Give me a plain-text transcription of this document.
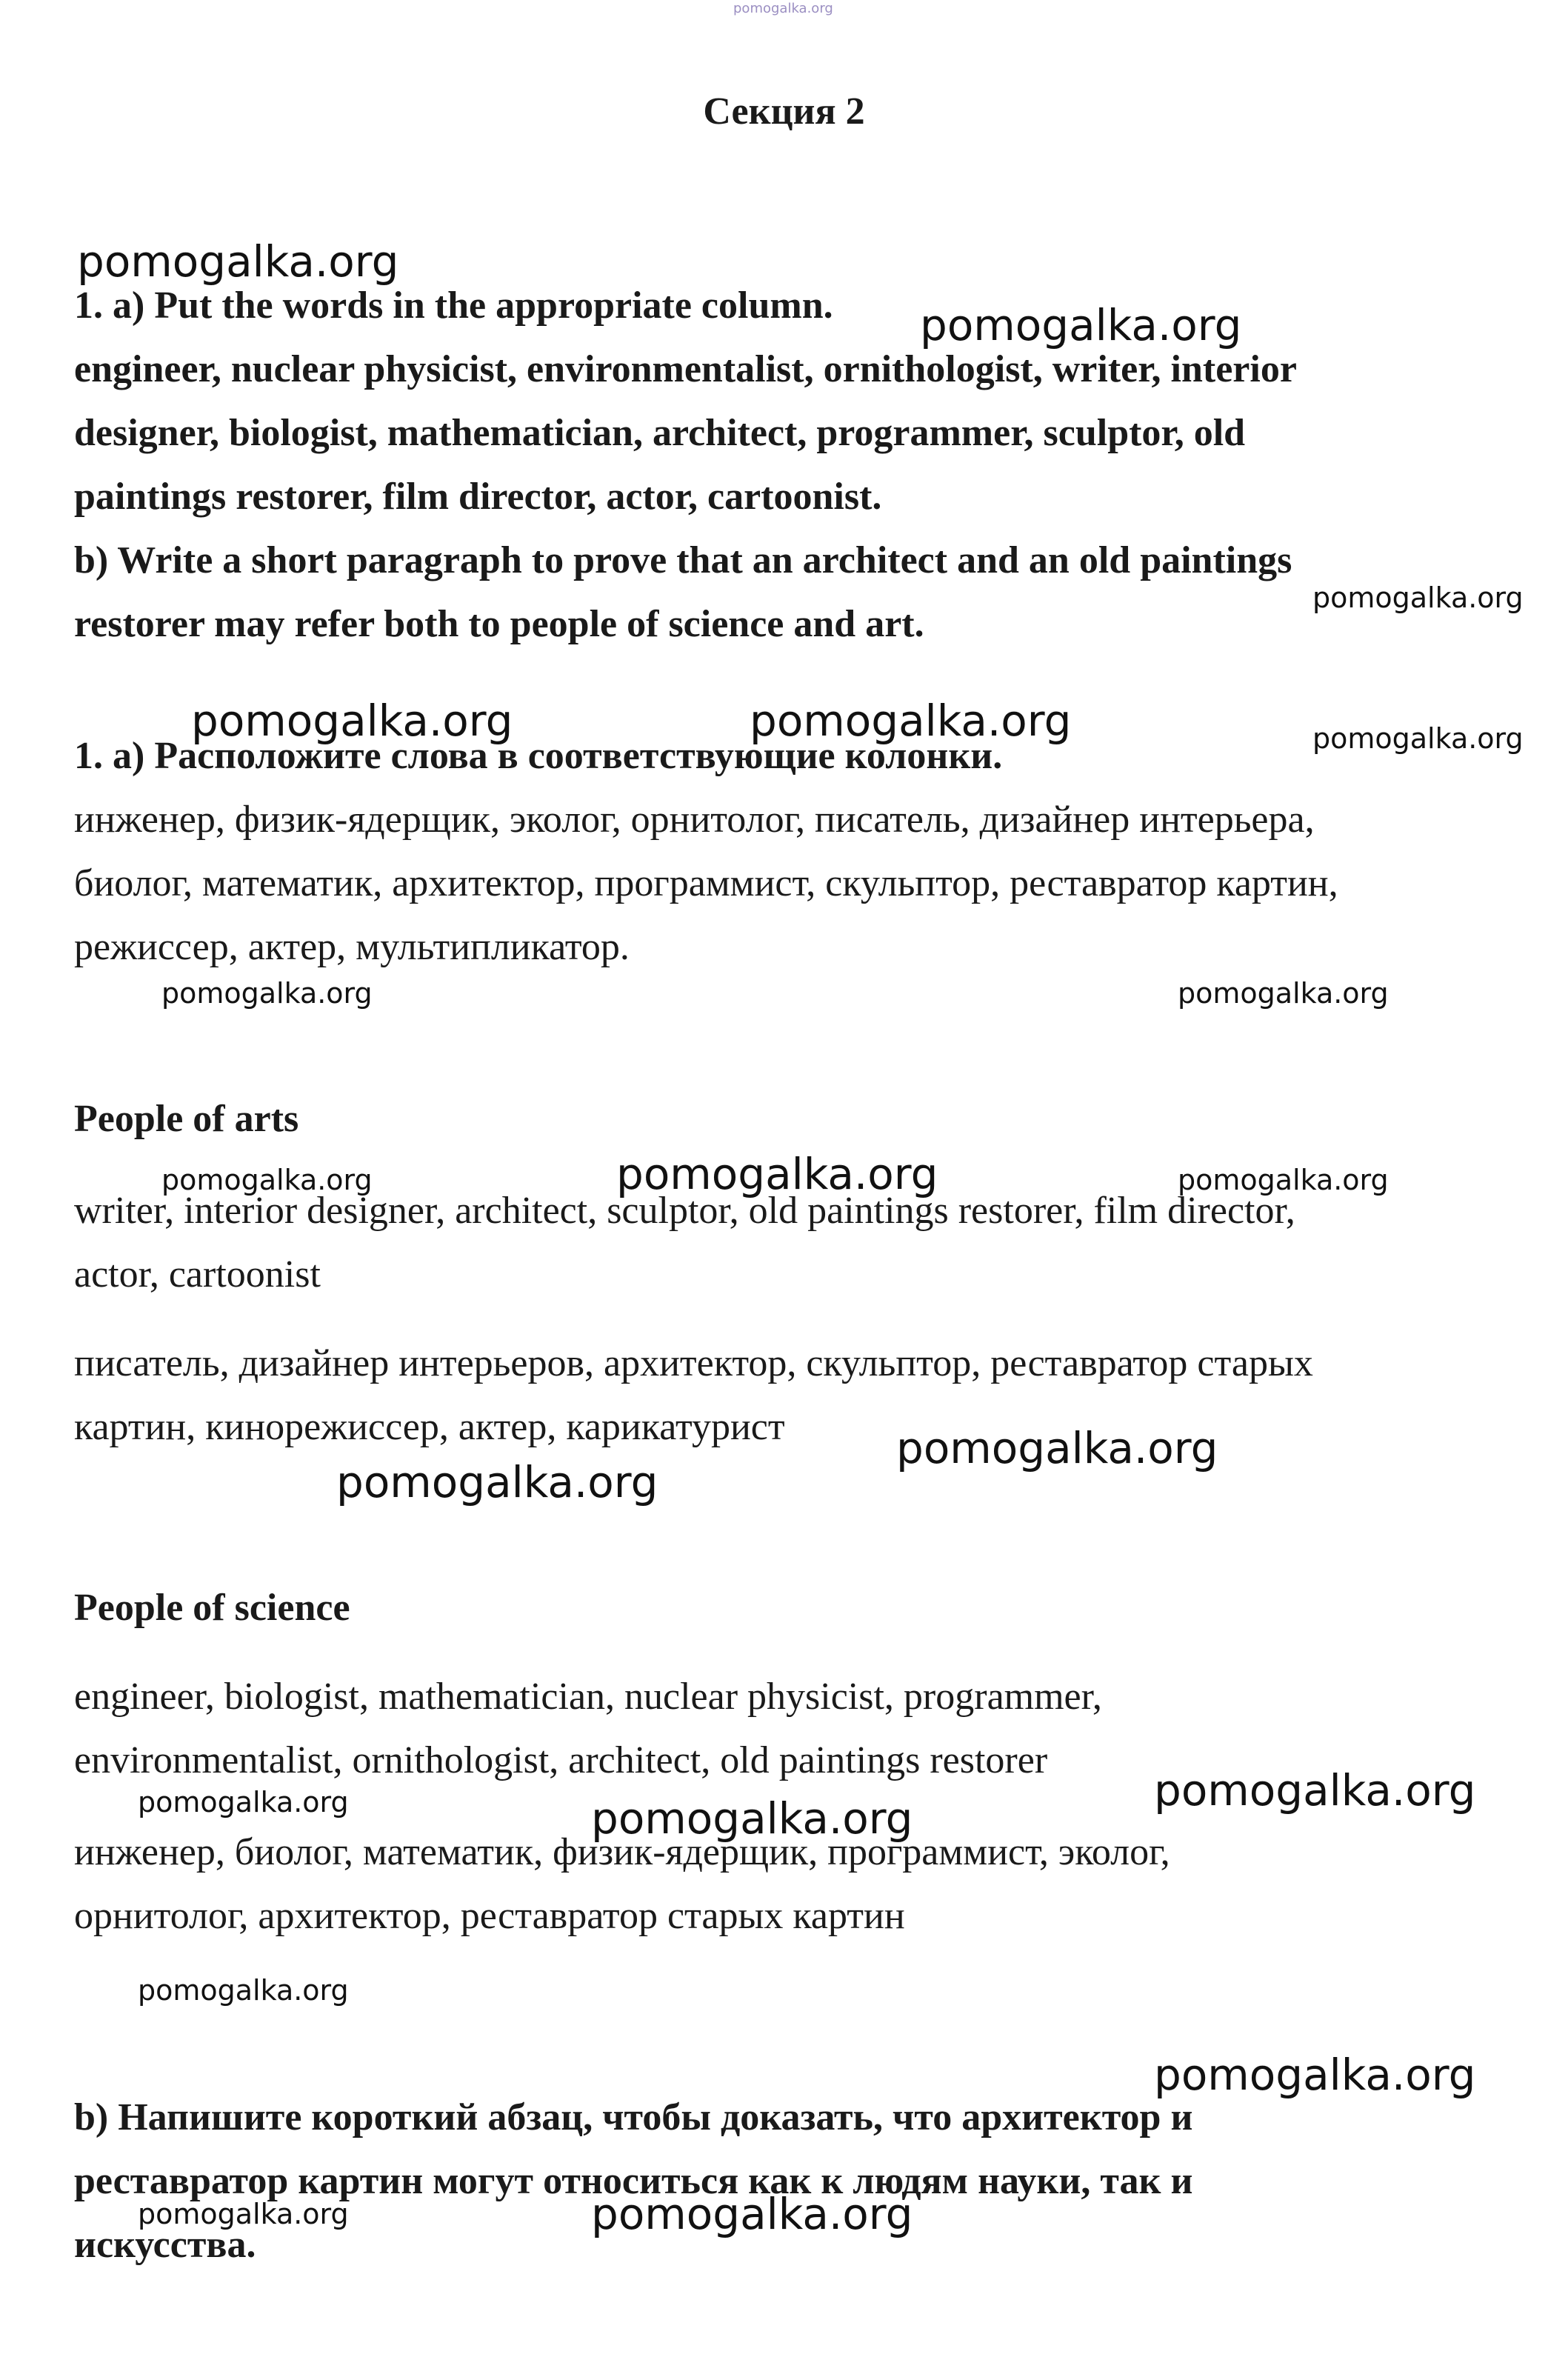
pomogalka.org
Секция 2
1. a) Put the words in the appropriate column.
engineer, nuclear physicist, environmentalist, ornithologist, writer, interior
designer, biologist, mathematician, architect, programmer, sculptor, old
paintings restorer, film director, actor, cartoonist.
b) Write a short paragraph to prove that an architect and an old paintings
restorer may refer both to people of science and art.
1. a) Расположите слова в соответствующие колонки.
инженер, физик-ядерщик, эколог, орнитолог, писатель, дизайнер интерьера,
биолог, математик, архитектор, программист, скульптор, реставратор картин,
режиссер, актер, мультипликатор.
People of arts
writer, interior designer, architect, sculptor, old paintings restorer, film director,
actor, cartoonist
писатель, дизайнер интерьеров, архитектор, скульптор, реставратор старых
картин, кинорежиссер, актер, карикатурист
People of science
engineer, biologist, mathematician, nuclear physicist, programmer,
environmentalist, ornithologist, architect, old paintings restorer
инженер, биолог, математик, физик-ядерщик, программист, эколог,
орнитолог, архитектор, реставратор старых картин
b) Напишите короткий абзац, чтобы доказать, что архитектор и
реставратор картин могут относиться как к людям науки, так и
искусства.
pomogalka.org
pomogalka.org
pomogalka.org
pomogalka.org	pomogalka.org	pomogalka.org
pomogalka.org	pomogalka.org
pomogalka.org	pomogalka.org	pomogalka.org
pomogalka.org
pomogalka.org
pomogalka.org
pomogalka.org	pomogalka.org
pomogalka.org
pomogalka.org
pomogalka.org	pomogalka.org
